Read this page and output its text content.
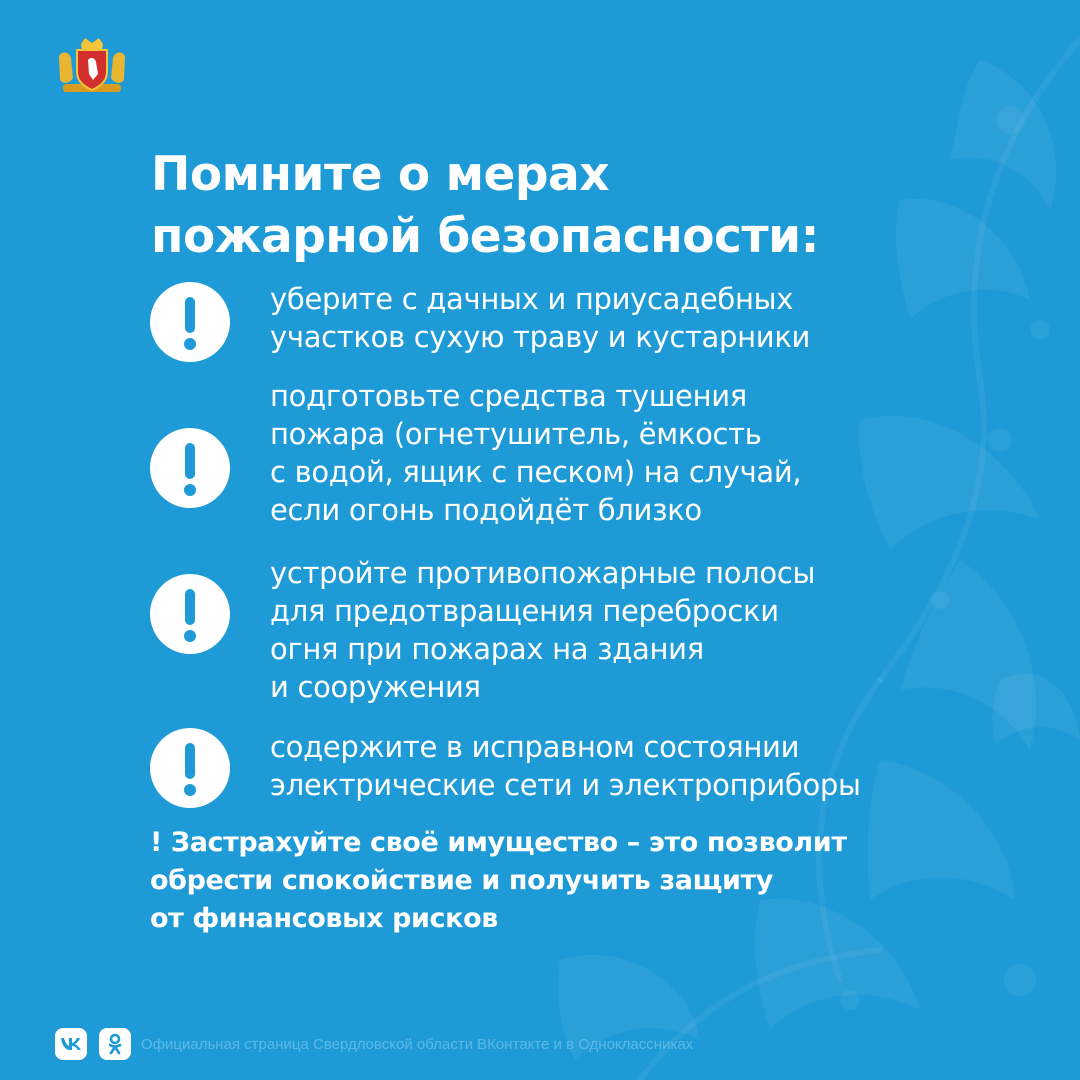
Помните о мерах
пожарной безопасности:
уберите с дачных и приусадебных
участков сухую траву и кустарники
подготовьте средства тушения
пожара (огнетушитель, ёмкость
с водой, ящик с песком) на случай,
если огонь подойдёт близко
устройте противопожарные полосы
для предотвращения переброски
огня при пожарах на здания
и сооружения
содержите в исправном состоянии
электрические сети и электроприборы
! Застрахуйте своё имущество – это позволит
обрести спокойствие и получить защиту
от финансовых рисков
Официальная страница Свердловской области ВКонтакте и в Одноклассниках
